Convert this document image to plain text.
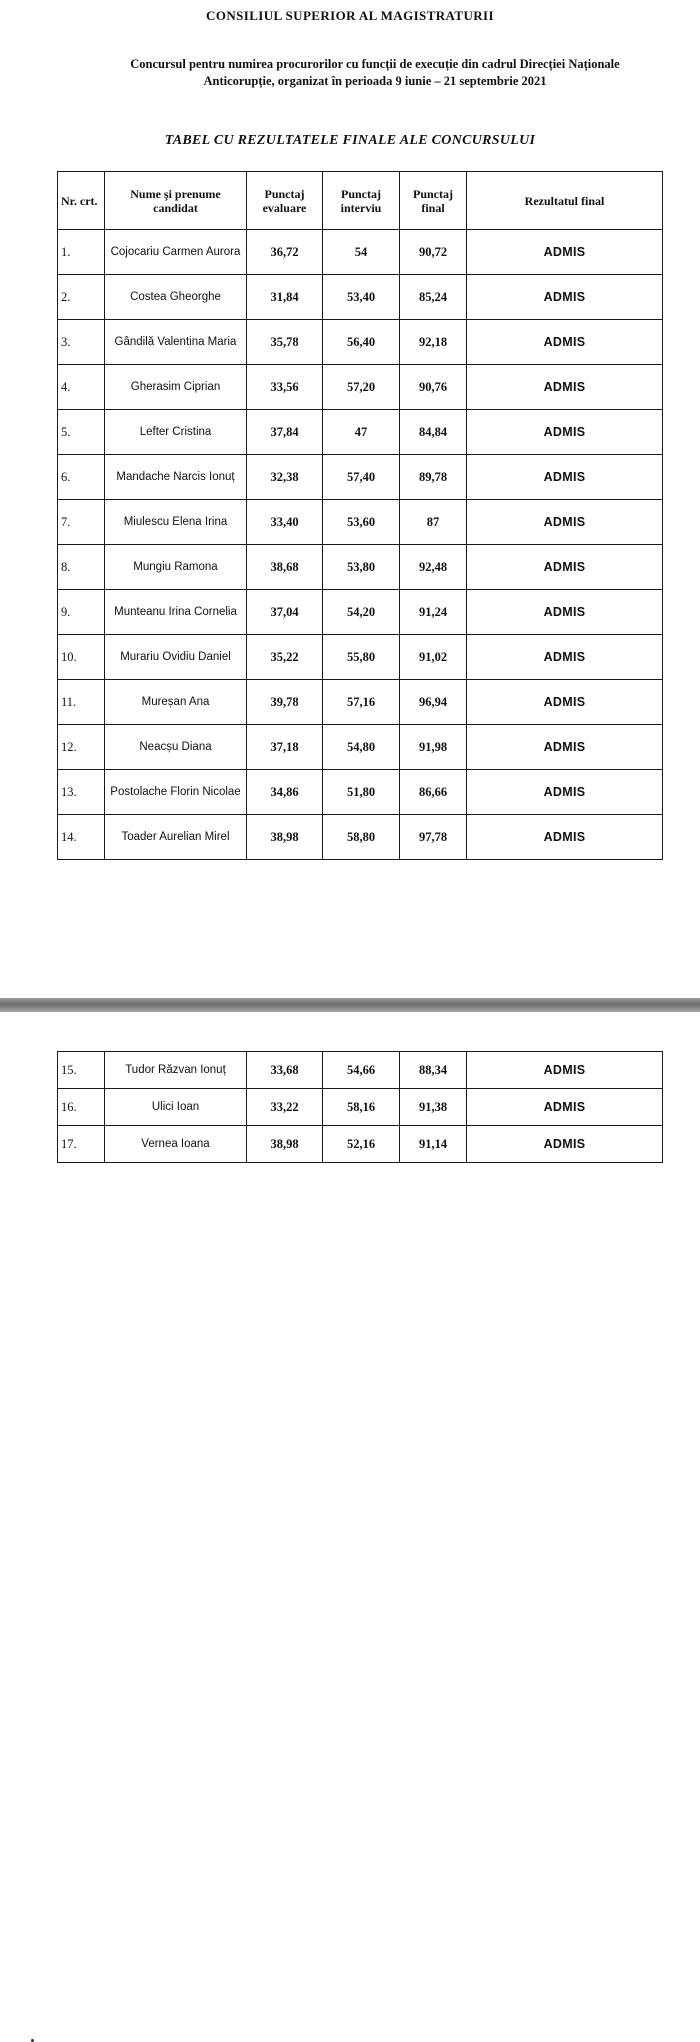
CONSILIUL SUPERIOR AL MAGISTRATURII
Concursul pentru numirea procurorilor cu funcții de execuție din cadrul Direcției Naționale
Anticorupție, organizat în perioada 9 iunie – 21 septembrie 2021
TABEL CU REZULTATELE FINALE ALE CONCURSULUI
Nr. crt.	Nume şi prenume candidat	Punctaj evaluare	Punctaj interviu	Punctaj final	Rezultatul final
1.	Cojocariu Carmen Aurora	36,72	54	90,72	ADMIS
2.	Costea Gheorghe	31,84	53,40	85,24	ADMIS
3.	Gândilă Valentina Maria	35,78	56,40	92,18	ADMIS
4.	Gherasim Ciprian	33,56	57,20	90,76	ADMIS
5.	Lefter Cristina	37,84	47	84,84	ADMIS
6.	Mandache Narcis Ionuț	32,38	57,40	89,78	ADMIS
7.	Miulescu Elena Irina	33,40	53,60	87	ADMIS
8.	Mungiu Ramona	38,68	53,80	92,48	ADMIS
9.	Munteanu Irina Cornelia	37,04	54,20	91,24	ADMIS
10.	Murariu Ovidiu Daniel	35,22	55,80	91,02	ADMIS
11.	Mureșan Ana	39,78	57,16	96,94	ADMIS
12.	Neacșu Diana	37,18	54,80	91,98	ADMIS
13.	Postolache Florin Nicolae	34,86	51,80	86,66	ADMIS
14.	Toader Aurelian Mirel	38,98	58,80	97,78	ADMIS
15.	Tudor Răzvan Ionuț	33,68	54,66	88,34	ADMIS
16.	Ulici Ioan	33,22	58,16	91,38	ADMIS
17.	Vernea Ioana	38,98	52,16	91,14	ADMIS
